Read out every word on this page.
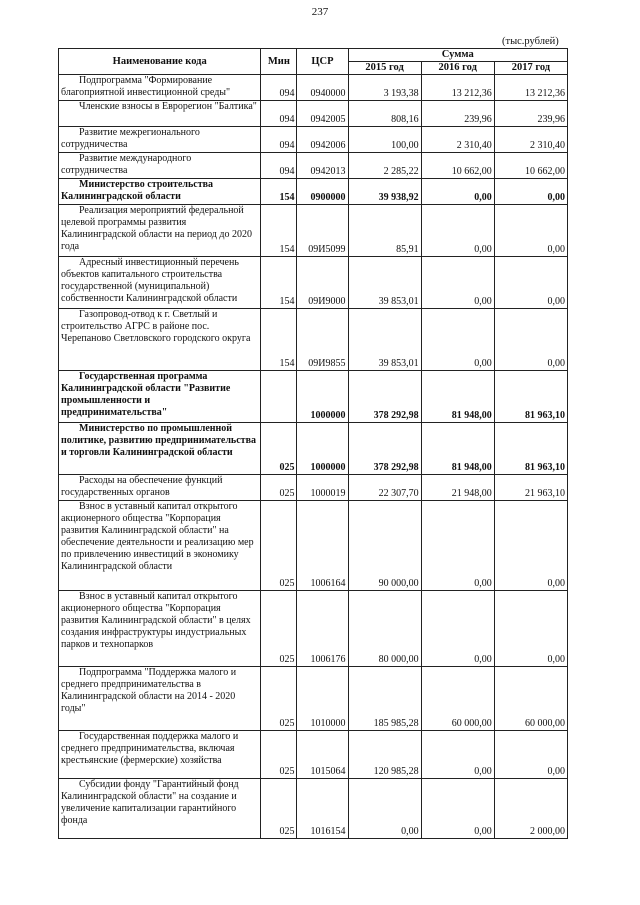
237
(тыс.рублей)
Наименование кода	Мин	ЦСР	Сумма		
			2015 год	2016 год	2017 год
Подпрограмма "Формирование благоприятной инвестиционной среды"	094	0940000	3 193,38	13 212,36	13 212,36
Членские взносы в Еврорегион "Балтика"	094	0942005	808,16	239,96	239,96
Развитие межрегионального сотрудничества	094	0942006	100,00	2 310,40	2 310,40
Развитие международного сотрудничества	094	0942013	2 285,22	10 662,00	10 662,00
Министерство строительства Калининградской области	154	0900000	39 938,92	0,00	0,00
Реализация мероприятий федеральной целевой программы развития Калининградской области на период до 2020 года	154	09И5099	85,91	0,00	0,00
Адресный инвестиционный перечень объектов капитального строительства государственной (муниципальной) собственности Калининградской области	154	09И9000	39 853,01	0,00	0,00
Газопровод-отвод к г. Светлый и строительство АГРС в районе пос. Черепаново Светловского городского округа	154	09И9855	39 853,01	0,00	0,00
Государственная программа Калининградской области "Развитие промышленности и предпринимательства"		1000000	378 292,98	81 948,00	81 963,10
Министерство по промышленной политике, развитию предпринимательства и торговли Калининградской области	025	1000000	378 292,98	81 948,00	81 963,10
Расходы на обеспечение функций государственных органов	025	1000019	22 307,70	21 948,00	21 963,10
Взнос в уставный капитал открытого акционерного общества "Корпорация развития Калининградской области" на обеспечение деятельности и реализацию мер по привлечению инвестиций в экономику Калининградской области	025	1006164	90 000,00	0,00	0,00
Взнос в уставный капитал открытого акционерного общества "Корпорация развития Калининградской области" в целях создания инфраструктуры индустриальных парков и технопарков	025	1006176	80 000,00	0,00	0,00
Подпрограмма "Поддержка малого и среднего предпринимательства в Калининградской области на 2014 - 2020 годы"	025	1010000	185 985,28	60 000,00	60 000,00
Государственная поддержка малого и среднего предпринимательства, включая крестьянские (фермерские) хозяйства	025	1015064	120 985,28	0,00	0,00
Субсидии фонду "Гарантийный фонд Калининградской области" на создание и увеличение капитализации гарантийного фонда	025	1016154	0,00	0,00	2 000,00
